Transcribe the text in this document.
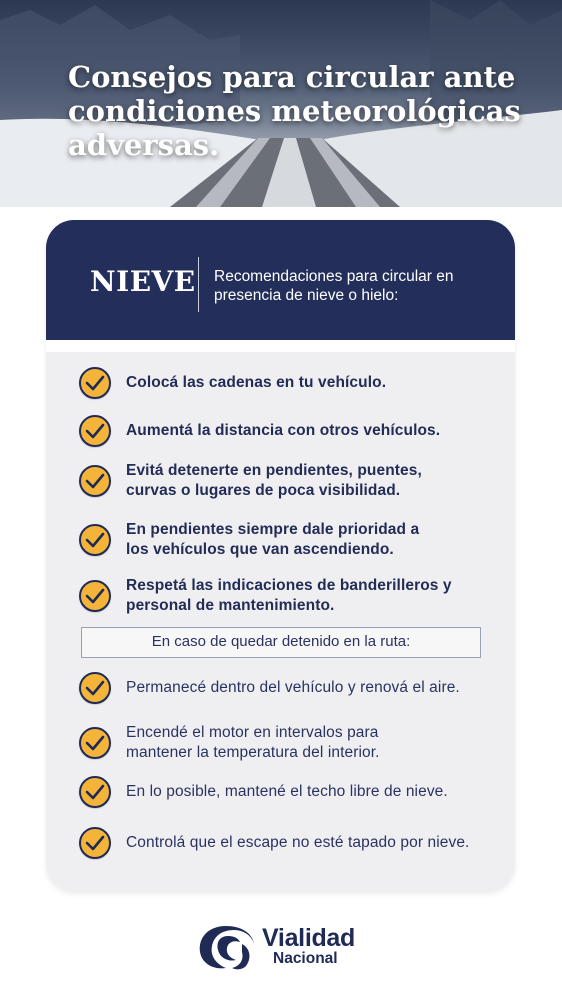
Consejos para circular ante condiciones meteorológicas adversas.
NIEVE Recomendaciones para circular en presencia de nieve o hielo:
Colocá las cadenas en tu vehículo.
Aumentá la distancia con otros vehículos.
Evitá detenerte en pendientes, puentes, curvas o lugares de poca visibilidad.
En pendientes siempre dale prioridad a los vehículos que van ascendiendo.
Respetá las indicaciones de banderilleros y personal de mantenimiento.
En caso de quedar detenido en la ruta:
Permanecé dentro del vehículo y renová el aire.
Encendé el motor en intervalos para mantener la temperatura del interior.
En lo posible, mantené el techo libre de nieve.
Controlá que el escape no esté tapado por nieve.
Vialidad
Nacional
